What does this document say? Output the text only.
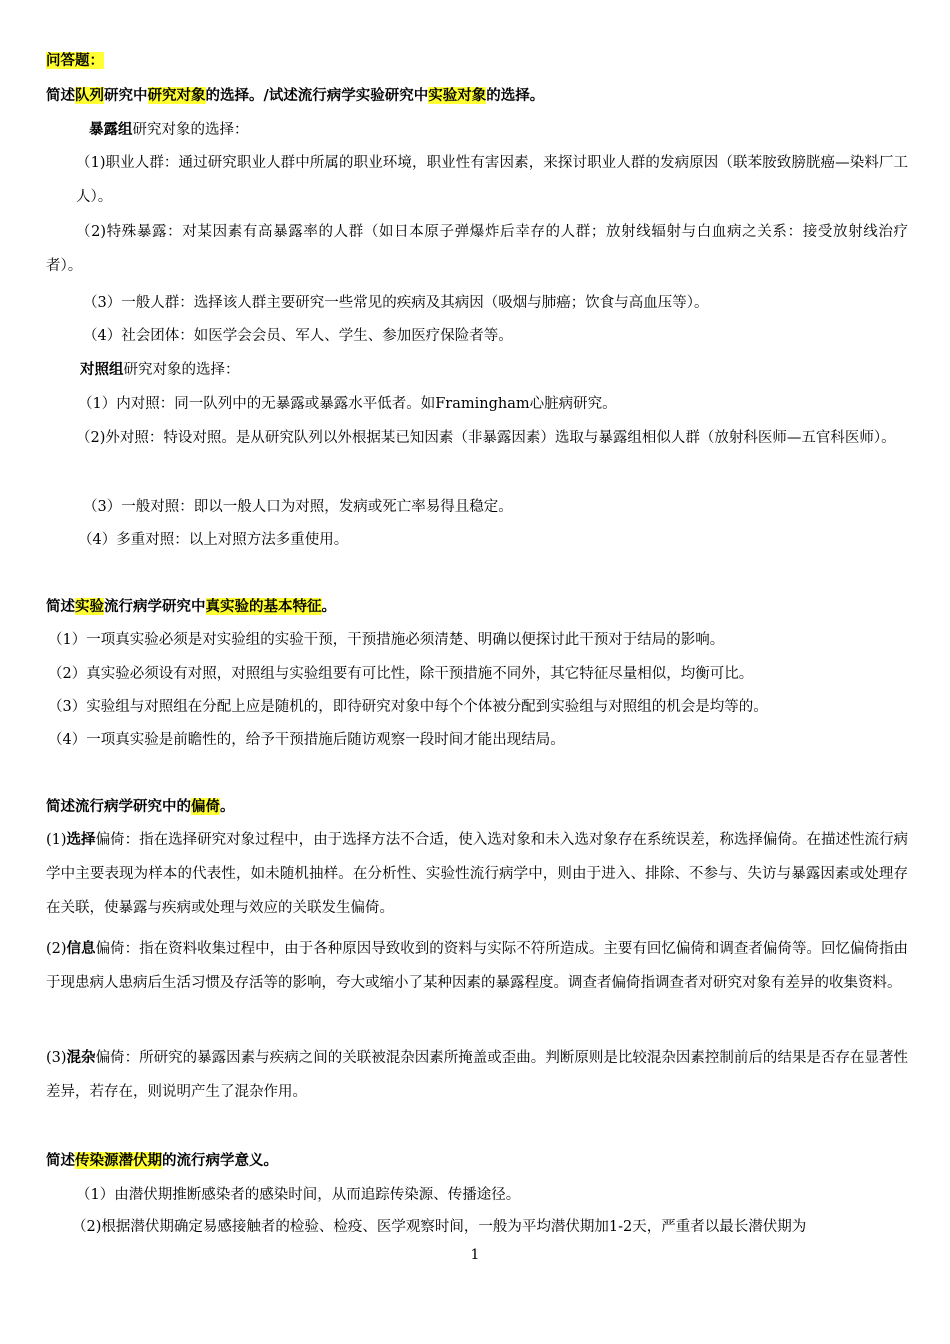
问答题：
简述队列研究中研究对象的选择。/试述流行病学实验研究中实验对象的选择。
暴露组研究对象的选择：
（1)职业人群：通过研究职业人群中所属的职业环境，职业性有害因素，来探讨职业人群的发病原因（联苯胺致膀胱癌—染料厂工人）。
（2)特殊暴露：对某因素有高暴露率的人群（如日本原子弹爆炸后幸存的人群；放射线辐射与白血病之关系：接受放射线治疗者）。
（3）一般人群：选择该人群主要研究一些常见的疾病及其病因（吸烟与肺癌；饮食与高血压等）。
（4）社会团体：如医学会会员、军人、学生、参加医疗保险者等。
对照组研究对象的选择：
（1）内对照：同一队列中的无暴露或暴露水平低者。如Framingham心脏病研究。
（2)外对照：特设对照。是从研究队列以外根据某已知因素（非暴露因素）选取与暴露组相似人群（放射科医师—五官科医师）。
（3）一般对照：即以一般人口为对照，发病或死亡率易得且稳定。
（4）多重对照：以上对照方法多重使用。
简述实验流行病学研究中真实验的基本特征。
（1）一项真实验必须是对实验组的实验干预，干预措施必须清楚、明确以便探讨此干预对于结局的影响。
（2）真实验必须设有对照，对照组与实验组要有可比性，除干预措施不同外，其它特征尽量相似，均衡可比。
（3）实验组与对照组在分配上应是随机的，即待研究对象中每个个体被分配到实验组与对照组的机会是均等的。
（4）一项真实验是前瞻性的，给予干预措施后随访观察一段时间才能出现结局。
简述流行病学研究中的偏倚。
(1)选择偏倚：指在选择研究对象过程中，由于选择方法不合适，使入选对象和未入选对象存在系统误差，称选择偏倚。在描述性流行病学中主要表现为样本的代表性，如未随机抽样。在分析性、实验性流行病学中，则由于进入、排除、不参与、失访与暴露因素或处理存在关联，使暴露与疾病或处理与效应的关联发生偏倚。
(2)信息偏倚：指在资料收集过程中，由于各种原因导致收到的资料与实际不符所造成。主要有回忆偏倚和调查者偏倚等。回忆偏倚指由于现患病人患病后生活习惯及存活等的影响，夸大或缩小了某种因素的暴露程度。调查者偏倚指调查者对研究对象有差异的收集资料。
(3)混杂偏倚：所研究的暴露因素与疾病之间的关联被混杂因素所掩盖或歪曲。判断原则是比较混杂因素控制前后的结果是否存在显著性差异，若存在，则说明产生了混杂作用。
简述传染源潜伏期的流行病学意义。
（1）由潜伏期推断感染者的感染时间，从而追踪传染源、传播途径。
（2)根据潜伏期确定易感接触者的检验、检疫、医学观察时间，一般为平均潜伏期加1-2天，严重者以最长潜伏期为
1
